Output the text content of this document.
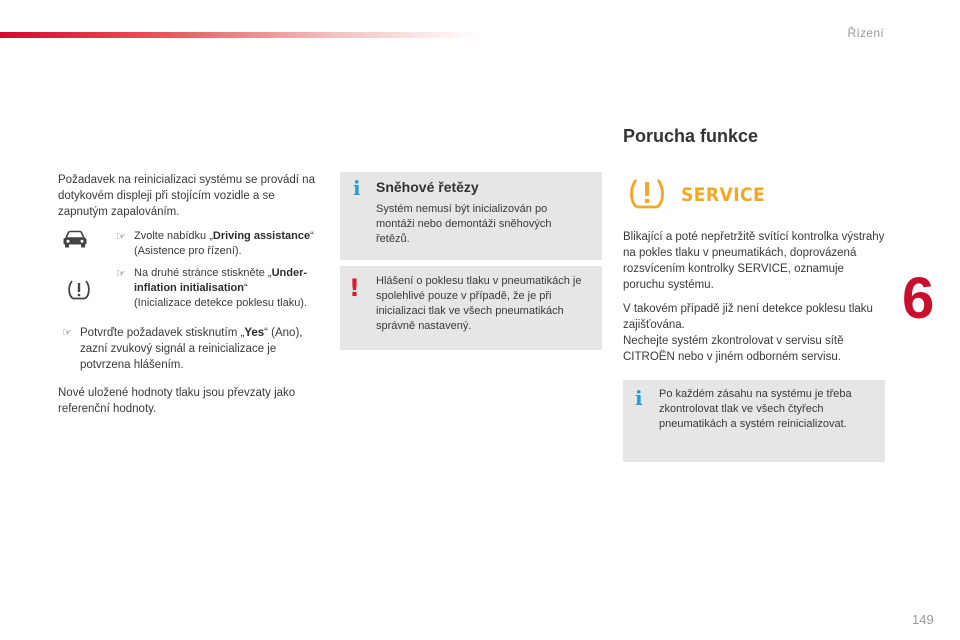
Řízení
6
149

Požadavek na reinicializaci systému se provádí na dotykovém displeji při stojícím vozidle a se zapnutým zapalováním.

☞ Zvolte nabídku „Driving assistance“ (Asistence pro řízení).

☞ Na druhé stránce stiskněte „Under-inflation initialisation“
(Inicializace detekce poklesu tlaku).

☞ Potvrďte požadavek stisknutím „Yes“ (Ano), zazní zvukový signál a reinicializace je potvrzena hlášením.

Nové uložené hodnoty tlaku jsou převzaty jako referenční hodnoty.

i Sněhové řetězy

Systém nemusí být inicializován po montáži nebo demontáži sněhových řetězů.

! Hlášení o poklesu tlaku v pneumatikách je spolehlivé pouze v případě, že je při inicializaci tlak ve všech pneumatikách správně nastavený.

Porucha funkce
SERVICE

Blikající a poté nepřetržitě svítící kontrolka výstrahy na pokles tlaku v pneumatikách, doprovázená rozsvícením kontrolky SERVICE, oznamuje poruchu systému.

V takovém případě již není detekce poklesu tlaku zajišťována.
Nechejte systém zkontrolovat v servisu sítě CITROËN nebo v jiném odborném servisu.

i Po každém zásahu na systému je třeba zkontrolovat tlak ve všech čtyřech pneumatikách a systém reinicializovat.
